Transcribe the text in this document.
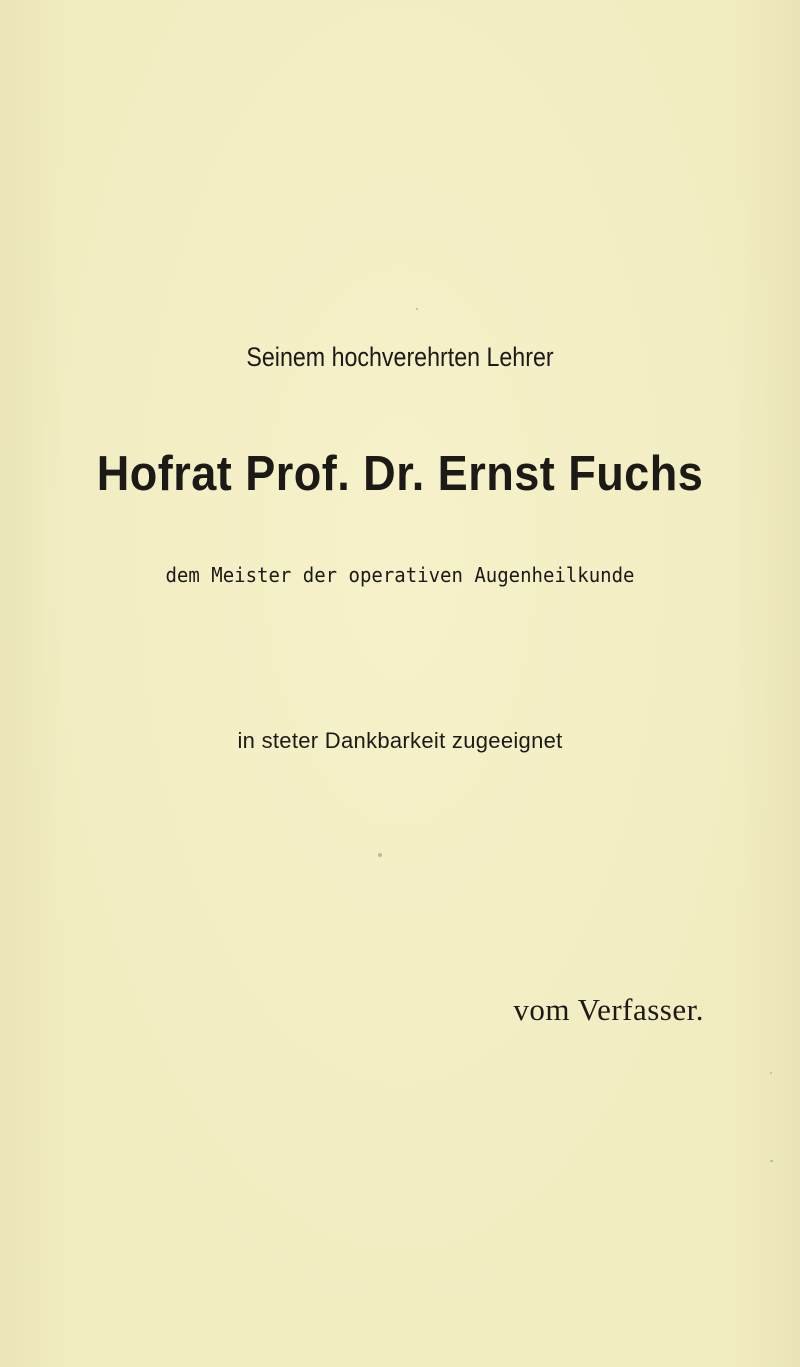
Seinem hochverehrten Lehrer
Hofrat Prof. Dr. Ernst Fuchs
dem Meister der operativen Augenheilkunde
in steter Dankbarkeit zugeeignet
vom Verfasser.
